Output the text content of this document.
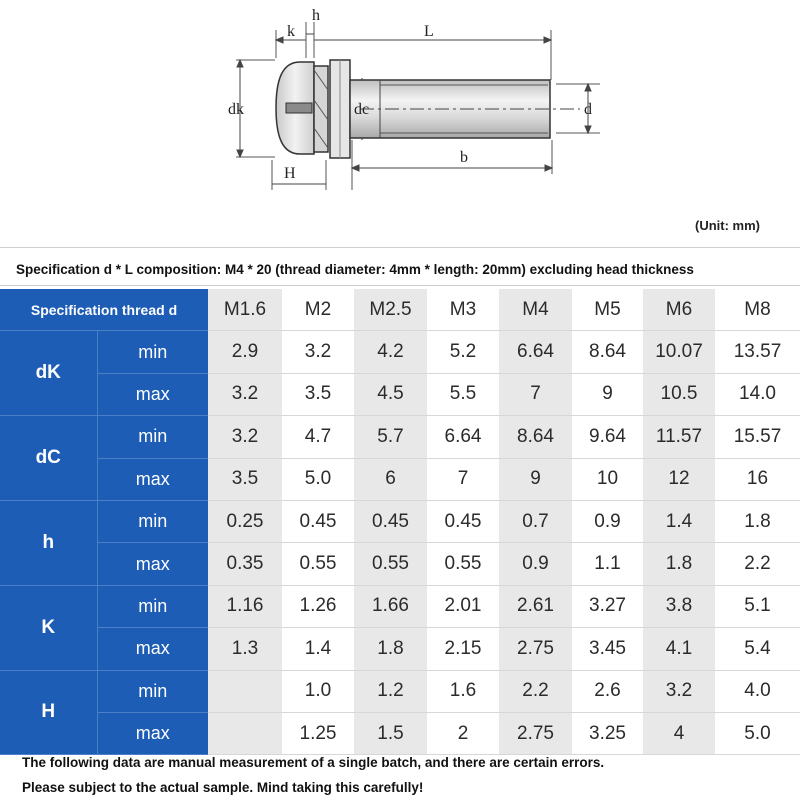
k
h
L
dk	dc	d
H
b
(Unit: mm)
Specification d * L composition: M4 * 20 (thread diameter: 4mm * length: 20mm) excluding head thickness
Specification thread d		M1.6	M2	M2.5	M3	M4	M5	M6	M8
dK	min	2.9	3.2	4.2	5.2	6.64	8.64	10.07	13.57
	max	3.2	3.5	4.5	5.5	7	9	10.5	14.0
dC	min	3.2	4.7	5.7	6.64	8.64	9.64	11.57	15.57
	max	3.5	5.0	6	7	9	10	12	16
h	min	0.25	0.45	0.45	0.45	0.7	0.9	1.4	1.8
	max	0.35	0.55	0.55	0.55	0.9	1.1	1.8	2.2
K	min	1.16	1.26	1.66	2.01	2.61	3.27	3.8	5.1
	max	1.3	1.4	1.8	2.15	2.75	3.45	4.1	5.4
H	min		1.0	1.2	1.6	2.2	2.6	3.2	4.0
	max		1.25	1.5	2	2.75	3.25	4	5.0
The following data are manual measurement of a single batch, and there are certain errors.
Please subject to the actual sample. Mind taking this carefully!
